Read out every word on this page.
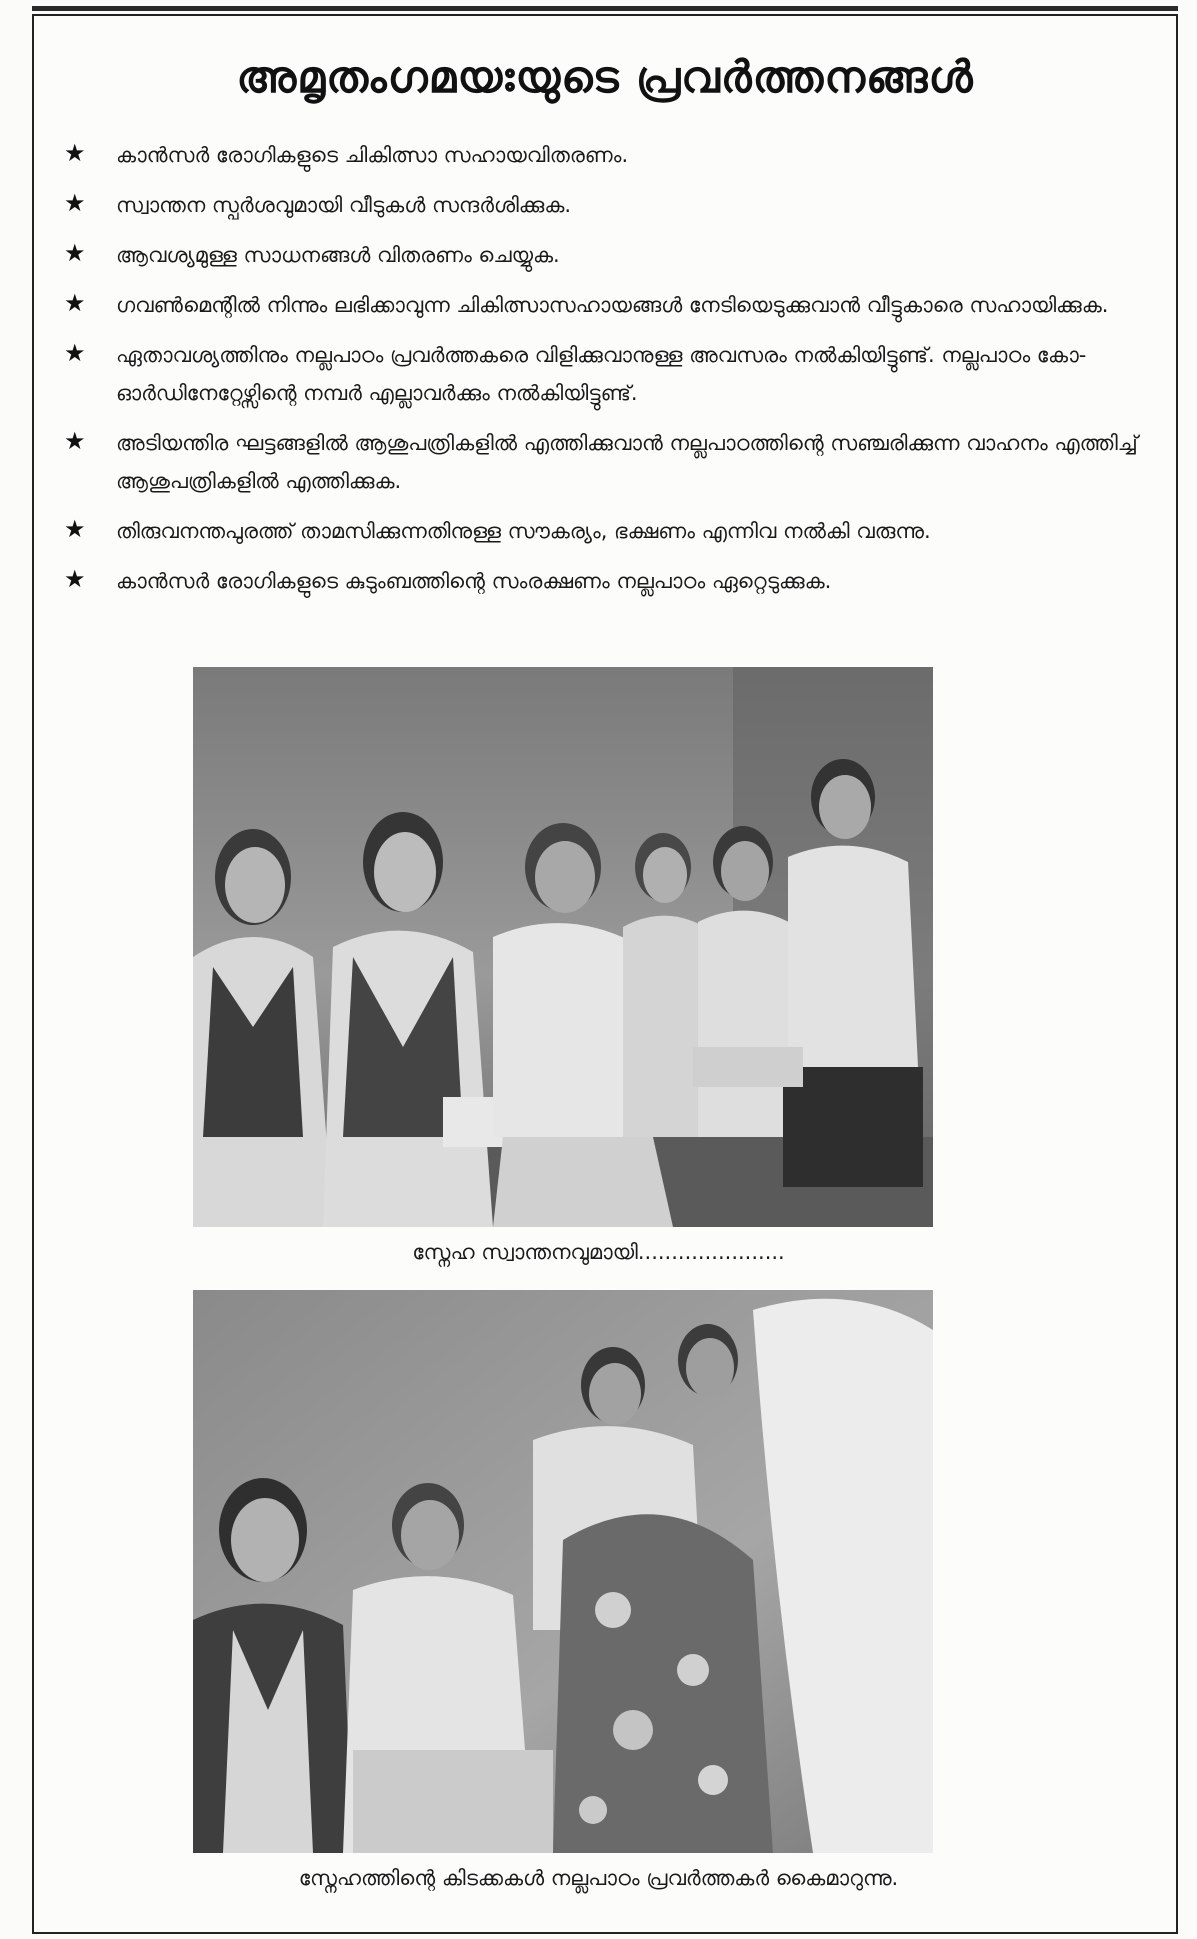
അമൃതംഗമയഃയുടെ പ്രവർത്തനങ്ങൾ
★ കാൻസർ രോഗികളുടെ ചികിത്സാ സഹായവിതരണം.
★ സ്വാന്തന സ്പർശവുമായി വീടുകൾ സന്ദർശിക്കുക.
★ ആവശ്യമുള്ള സാധനങ്ങൾ വിതരണം ചെയ്യുക.
★ ഗവൺമെന്റിൽ നിന്നും ലഭിക്കാവുന്ന ചികിത്സാസഹായങ്ങൾ നേടിയെടുക്കുവാൻ വീട്ടുകാരെ സഹായിക്കുക.
★ ഏതാവശ്യത്തിനും നല്ലപാഠം പ്രവർത്തകരെ വിളിക്കുവാനുള്ള അവസരം നൽകിയിട്ടുണ്ട്. നല്ലപാഠം കോ-ഓർഡിനേറ്റേഴ്സിന്റെ നമ്പർ എല്ലാവർക്കും നൽകിയിട്ടുണ്ട്.
★ അടിയന്തിര ഘട്ടങ്ങളിൽ ആശുപത്രികളിൽ എത്തിക്കുവാൻ നല്ലപാഠത്തിന്റെ സഞ്ചരിക്കുന്ന വാഹനം എത്തിച്ച് ആശുപത്രികളിൽ എത്തിക്കുക.
★ തിരുവനന്തപുരത്ത് താമസിക്കുന്നതിനുള്ള സൗകര്യം, ഭക്ഷണം എന്നിവ നൽകി വരുന്നു.
★ കാൻസർ രോഗികളുടെ കുടുംബത്തിന്റെ സംരക്ഷണം നല്ലപാഠം ഏറ്റെടുക്കുക.
സ്നേഹ സ്വാന്തനവുമായി......................
സ്നേഹത്തിന്റെ കിടക്കകൾ നല്ലപാഠം പ്രവർത്തകർ കൈമാറുന്നു.
